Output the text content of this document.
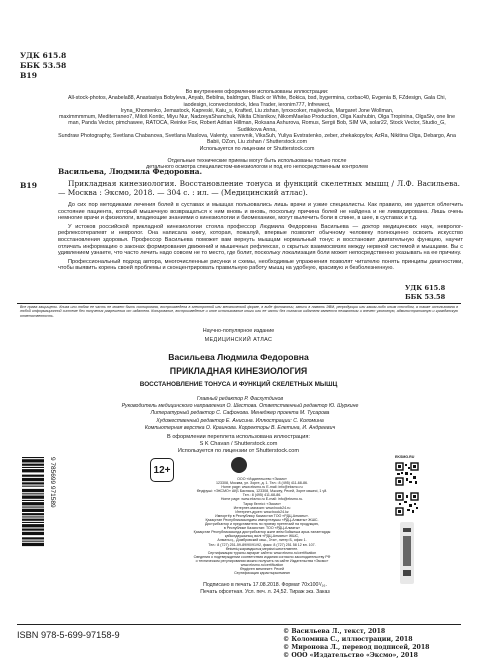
УДК 615.8
ББК 53.58
В19

Во внутреннем оформлении использованы иллюстрации:

All-stock-photos, Anabela88, Anastasiya Bobyleva, Anyab, Bebilna, baldrrgan, Black or White, Bokica, bsd, bygermina, corbac40, Evgenia B, FZdesign, Gala Chi, iaodesign, iconvectorstock, Idea Trader, ieronim777, Infrewect,

Iryna_Khomenko, Jemastock, Kapreski, Kaiu_s, Krafted, Liu zishan, lynxxcoker, majivecka, Margaret Jone Wollman,

maximmmmum, Mediterraneo7, Miloš Kontic, Miyu Nur, NadzeyaShanchuk, Nikita Chisnikov, NikomMaelao Production, Olga Kashubin, Olga Tropinina, OlgaSiv, one line man, Panda Vector, pimchawee, RATOCA, Reinke Fox, Robert Adrian Hillman, Roksana Ashurova, Romus, Sergii Bob, SIM VA, solar22, Stock Vector, Studio_G, Sudikkova Anna,

Sundraw Photography, Svetlana Chabanova, Svetlana Maslova, Valenty, varenvnik, VikaSuh, Yuliya Evstratenko, zeber, zhekakopylov, AzRa, Nikitina Olga, Debargo, Ana Babii, OZon, Liu zishan / Shutterstock.com

Используется по лицензии от Shutterstock.com

Отдельные технические приемы могут быть использованы только после

детального осмотра специалистом-кинезиологом и под его непосредственным контролем

Васильева, Людмила Федоровна.
В19	Прикладная кинезиология. Восстановление тонуса и функций скелетных мышц / Л.Ф. Васильева. — Москва : Эксмо, 2018. — 304 с. : ил. — (Медицинский атлас).

До сих пор методиками лечения болей в суставах и мышцах пользовались лишь врачи и узкие специалисты. Как правило, им удается облегчить состояние пациента, который мышечную возвращаться к ним вновь и вновь, поскольку причина болей не найдена и не ликвидирована. Лишь очень немногие врачи и физиологи, владеющие знаниями о кинезиологии и биомеханике, могут вылечить боли в спине, в шее, в суставах и т.д.

У истоков российской прикладной кинезиологии стояла профессор Людмила Федоровна Васильева — доктор медицинских наук, невролог-рефлексотерапевт и невролог. Она написала книгу, которая, пожалуй, впервые позволит обычному человеку полноценно освоить искусство восстановления здоровья. Профессор Васильева поможет вам вернуть мышцам нормальный тонус и восстановит двигательную функцию, научит отличать информацию о законах формирования движений и мышечных рефлексах, о скрытых взаимосвязях между нервной системой и мышцами. Вы с удивлением узнаете, что часто лечить надо совсем не то место, где болит, поскольку локализация боли может непосредственно указывать на ее причину.

Профессиональный подход автора, многочисленные рисунки и схемы, необходимые упражнения позволят читателю понять принципы диагностики, чтобы выявить корень своей проблемы и сконцентрировать правильную работу мышц на удобную, красивую и безболезненную.

УДК 615.8
ББК 53.58
Все права защищены. Книга или любая ее часть не может быть скопирована, воспроизведена в электронной или механической форме, в виде фотокопии, записи в память ЭВМ, репродукции или каким-либо иным способом, а также использована в любой информационной системе без получения разрешения от издателя. Копирование, воспроизведение и иное использование книги или ее части без согласия издателя является незаконным и влечет уголовную, административную и гражданскую ответственность.
Научно-популярное издание
МЕДИЦИНСКИЙ АТЛАС
Васильева Людмила Федоровна
ПРИКЛАДНАЯ КИНЕЗИОЛОГИЯ
ВОССТАНОВЛЕНИЕ ТОНУСА И ФУНКЦИЙ СКЕЛЕТНЫХ МЫШЦ
Главный редактор Р. Фасхутдинов
Руководитель медицинского направления О. Шестова. Ответственный редактор Ю. Шуркине
Литературный редактор С. Сафонова. Менеджер проекта М. Тусарова
Художественный редактор Е. Анисина. Иллюстрации: С. Коломина
Компьютерная верстка О. Краинова. Корректоры В. Елетина, И. Андреевич
В оформлении переплета использована иллюстрация:
S K Chavan / Shutterstock.com
Используется по лицензии от Shutterstock.com
12+
ООО «Издательство «Эксмо»
123308, Москва, ул. Зорге, д. 1. Тел.: 8 (495) 411-68-86.
Home page: www.eksmo.ru E-mail: info@eksmo.ru
Өндіруші: «ЭКСМО» АҚБ Баспасы, 123308, Мәскеу, Ресей, Зорге көшесі, 1 үй.
Тел.: 8 (495) 411-68-86.
Home page: www.eksmo.ru E-mail: info@eksmo.ru.
Тауар белгісі: «Эксмо»
Интернет-магазин: www.book24.ru
Интернет-дүкен: www.book24.kz
Импортёр в Республику Казахстан ТОО «РДЦ-Алматы».
Қазақстан Республикасындағы импорттаушы «РДЦ-Алматы» ЖШС.
Дистрибьютор и представитель по приему претензий на продукцию,
в Республике Казахстан: ТОО «РДЦ-Алматы»
Қазақстан Республикасында дистрибьютор және өнім бойынша арыз-талаптарды
қабылдаушының өкілі «РДЦ-Алматы» ЖШС,
Алматы қ., Домбровский көш., 3«а», литер Б, офис 1.
Тел.: 8 (727) 251-59-89/90/91/92, факс: 8 (727) 251 58 12 вн. 107.
Өнімнің жарамдылық мерзімі шектелмеген.
Сертификация туралы ақпарат сайтта: www.eksmo.ru/certification
Сведения о подтверждении соответствия издания согласно законодательству РФ
о техническом регулировании можно получить на сайте Издательства «Эксмо»
www.eksmo.ru/certification
Өндірген мемлекет: Ресей
Сертификация қарастырылмаған
Подписано в печать 17.08.2018. Формат 70х100¹/₁₆.
Печать офсетная. Усл. печ. л. 24,52. Тираж экз. Заказ
EKSMO.RU
9 785699 971589
ISBN 978-5-699-97158-9	© Васильева Л., текст, 2018
© Коломина С., иллюстрации, 2018
© Миронова Л., перевод подписей, 2018
© ООО «Издательство «Эксмо», 2018
